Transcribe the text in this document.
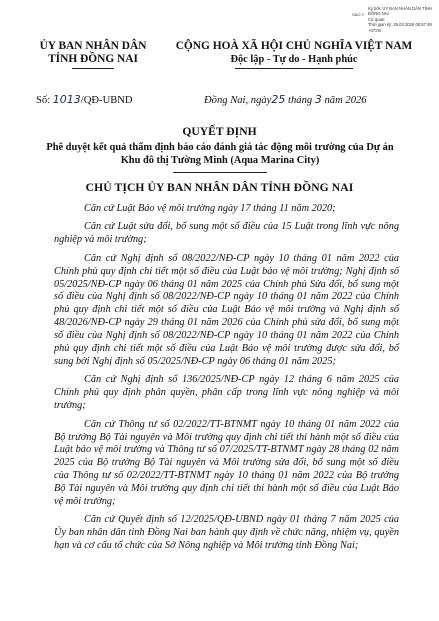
SAO Y
Ký bởi: ỦY BAN NHÂN DÂN TỈNH ĐỒNG NAI
Cơ quan:
Thời gian ký: 25.03.2026 08:57:49 +07:00
ỦY BAN NHÂN DÂN
TỈNH ĐỒNG NAI
CỘNG HOÀ XÃ HỘI CHỦ NGHĨA VIỆT NAM
Độc lập - Tự do - Hạnh phúc
Số: 1013/QĐ-UBND	Đồng Nai, ngày25 tháng 3 năm 2026
QUYẾT ĐỊNH
Phê duyệt kết quả thẩm định báo cáo đánh giá tác động môi trường của Dự án Khu đô thị Tường Minh (Aqua Marina City)
CHỦ TỊCH ỦY BAN NHÂN DÂN TỈNH ĐỒNG NAI

Căn cứ Luật Bảo vệ môi trường ngày 17 tháng 11 năm 2020;

Căn cứ Luật sửa đổi, bổ sung một số điều của 15 Luật trong lĩnh vực nông nghiệp và môi trường;

Căn cứ Nghị định số 08/2022/NĐ-CP ngày 10 tháng 01 năm 2022 của Chính phủ quy định chi tiết một số điều của Luật bảo vệ môi trường; Nghị định số 05/2025/NĐ-CP ngày 06 tháng 01 năm 2025 của Chính phủ Sửa đổi, bổ sung một số điều của Nghị định số 08/2022/NĐ-CP ngày 10 tháng 01 năm 2022 của Chính phủ quy định chi tiết một số điều của Luật Bảo vệ môi trường và Nghị định số 48/2026/NĐ-CP ngày 29 tháng 01 năm 2026 của Chính phủ sửa đổi, bổ sung một số điều của Nghị định số 08/2022/NĐ-CP ngày 10 tháng 01 năm 2022 của Chính phủ quy định chi tiết một số điều của Luật Bảo vệ môi trường được sửa đổi, bổ sung bởi Nghị định số 05/2025/NĐ-CP ngày 06 tháng 01 năm 2025;

Căn cứ Nghị định số 136/2025/NĐ-CP ngày 12 tháng 6 năm 2025 của Chính phủ quy định phân quyền, phân cấp trong lĩnh vực nông nghiệp và môi trường;

Căn cứ Thông tư số 02/2022/TT-BTNMT ngày 10 tháng 01 năm 2022 của Bộ trưởng Bộ Tài nguyên và Môi trường quy định chi tiết thi hành một số điều của Luật bảo vệ môi trường và Thông tư số 07/2025/TT-BTNMT ngày 28 tháng 02 năm 2025 của Bộ trưởng Bộ Tài nguyên và Môi trường sửa đổi, bổ sung một số điều của Thông tư số 02/2022/TT-BTNMT ngày 10 tháng 01 năm 2022 của Bộ trưởng Bộ Tài nguyên và Môi trường quy định chi tiết thi hành một số điều của Luật Bảo vệ môi trường;

Căn cứ Quyết định số 12/2025/QĐ-UBND ngày 01 tháng 7 năm 2025 của Ủy ban nhân dân tỉnh Đồng Nai ban hành quy định về chức năng, nhiệm vụ, quyền hạn và cơ cấu tổ chức của Sở Nông nghiệp và Môi trường tỉnh Đồng Nai;
